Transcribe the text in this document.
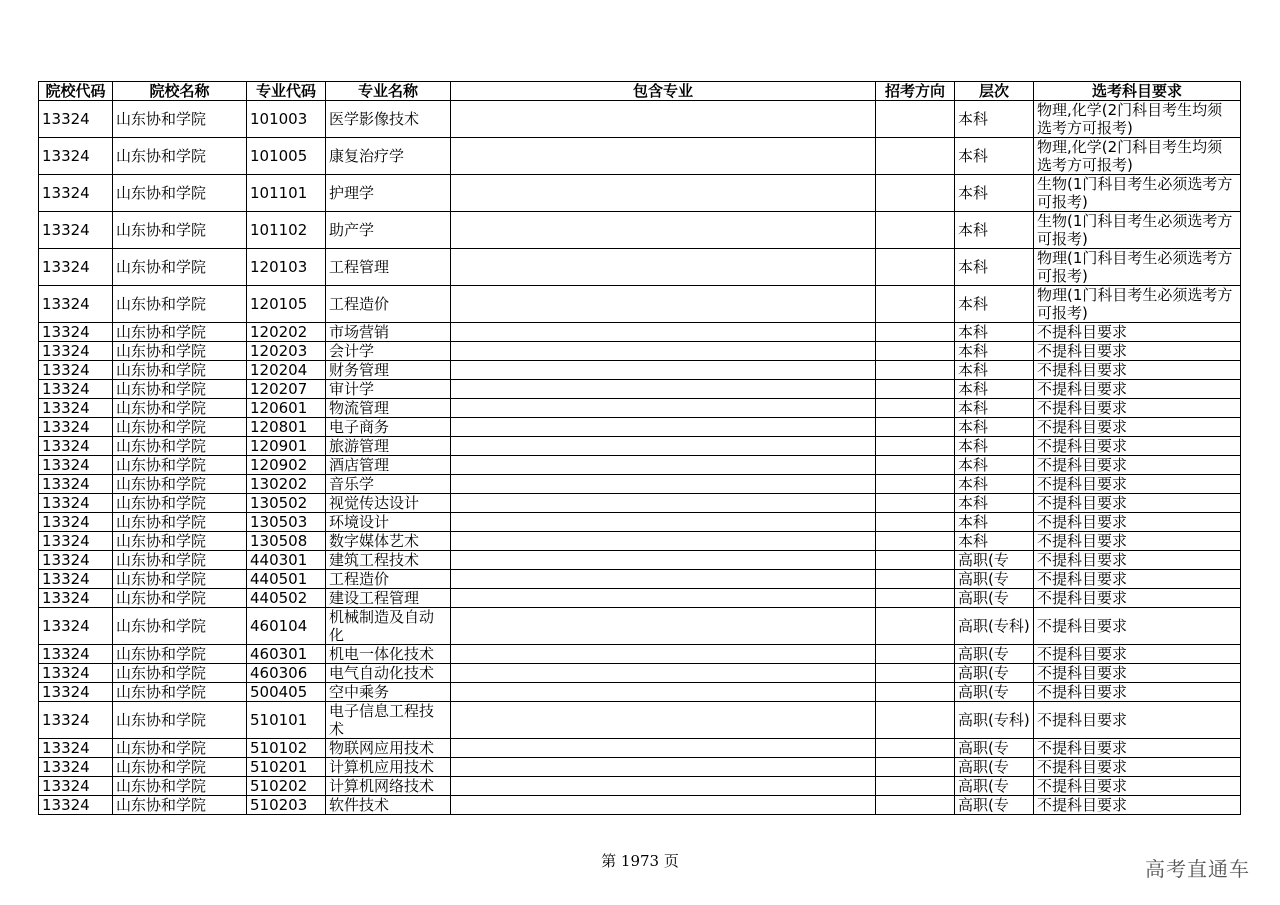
院校代码	院校名称	专业代码	专业名称	包含专业	招考方向	层次	选考科目要求
13324	山东协和学院	101003	医学影像技术			本科	物理,化学(2门科目考生均须选考方可报考)
13324	山东协和学院	101005	康复治疗学			本科	物理,化学(2门科目考生均须选考方可报考)
13324	山东协和学院	101101	护理学			本科	生物(1门科目考生必须选考方可报考)
13324	山东协和学院	101102	助产学			本科	生物(1门科目考生必须选考方可报考)
13324	山东协和学院	120103	工程管理			本科	物理(1门科目考生必须选考方可报考)
13324	山东协和学院	120105	工程造价			本科	物理(1门科目考生必须选考方可报考)
13324	山东协和学院	120202	市场营销			本科	不提科目要求
13324	山东协和学院	120203	会计学			本科	不提科目要求
13324	山东协和学院	120204	财务管理			本科	不提科目要求
13324	山东协和学院	120207	审计学			本科	不提科目要求
13324	山东协和学院	120601	物流管理			本科	不提科目要求
13324	山东协和学院	120801	电子商务			本科	不提科目要求
13324	山东协和学院	120901	旅游管理			本科	不提科目要求
13324	山东协和学院	120902	酒店管理			本科	不提科目要求
13324	山东协和学院	130202	音乐学			本科	不提科目要求
13324	山东协和学院	130502	视觉传达设计			本科	不提科目要求
13324	山东协和学院	130503	环境设计			本科	不提科目要求
13324	山东协和学院	130508	数字媒体艺术			本科	不提科目要求
13324	山东协和学院	440301	建筑工程技术			高职(专	不提科目要求
13324	山东协和学院	440501	工程造价			高职(专	不提科目要求
13324	山东协和学院	440502	建设工程管理			高职(专	不提科目要求
13324	山东协和学院	460104	机械制造及自动化			高职(专科)	不提科目要求
13324	山东协和学院	460301	机电一体化技术			高职(专	不提科目要求
13324	山东协和学院	460306	电气自动化技术			高职(专	不提科目要求
13324	山东协和学院	500405	空中乘务			高职(专	不提科目要求
13324	山东协和学院	510101	电子信息工程技术			高职(专科)	不提科目要求
13324	山东协和学院	510102	物联网应用技术			高职(专	不提科目要求
13324	山东协和学院	510201	计算机应用技术			高职(专	不提科目要求
13324	山东协和学院	510202	计算机网络技术			高职(专	不提科目要求
13324	山东协和学院	510203	软件技术			高职(专	不提科目要求
第 1973 页	高考直通车
